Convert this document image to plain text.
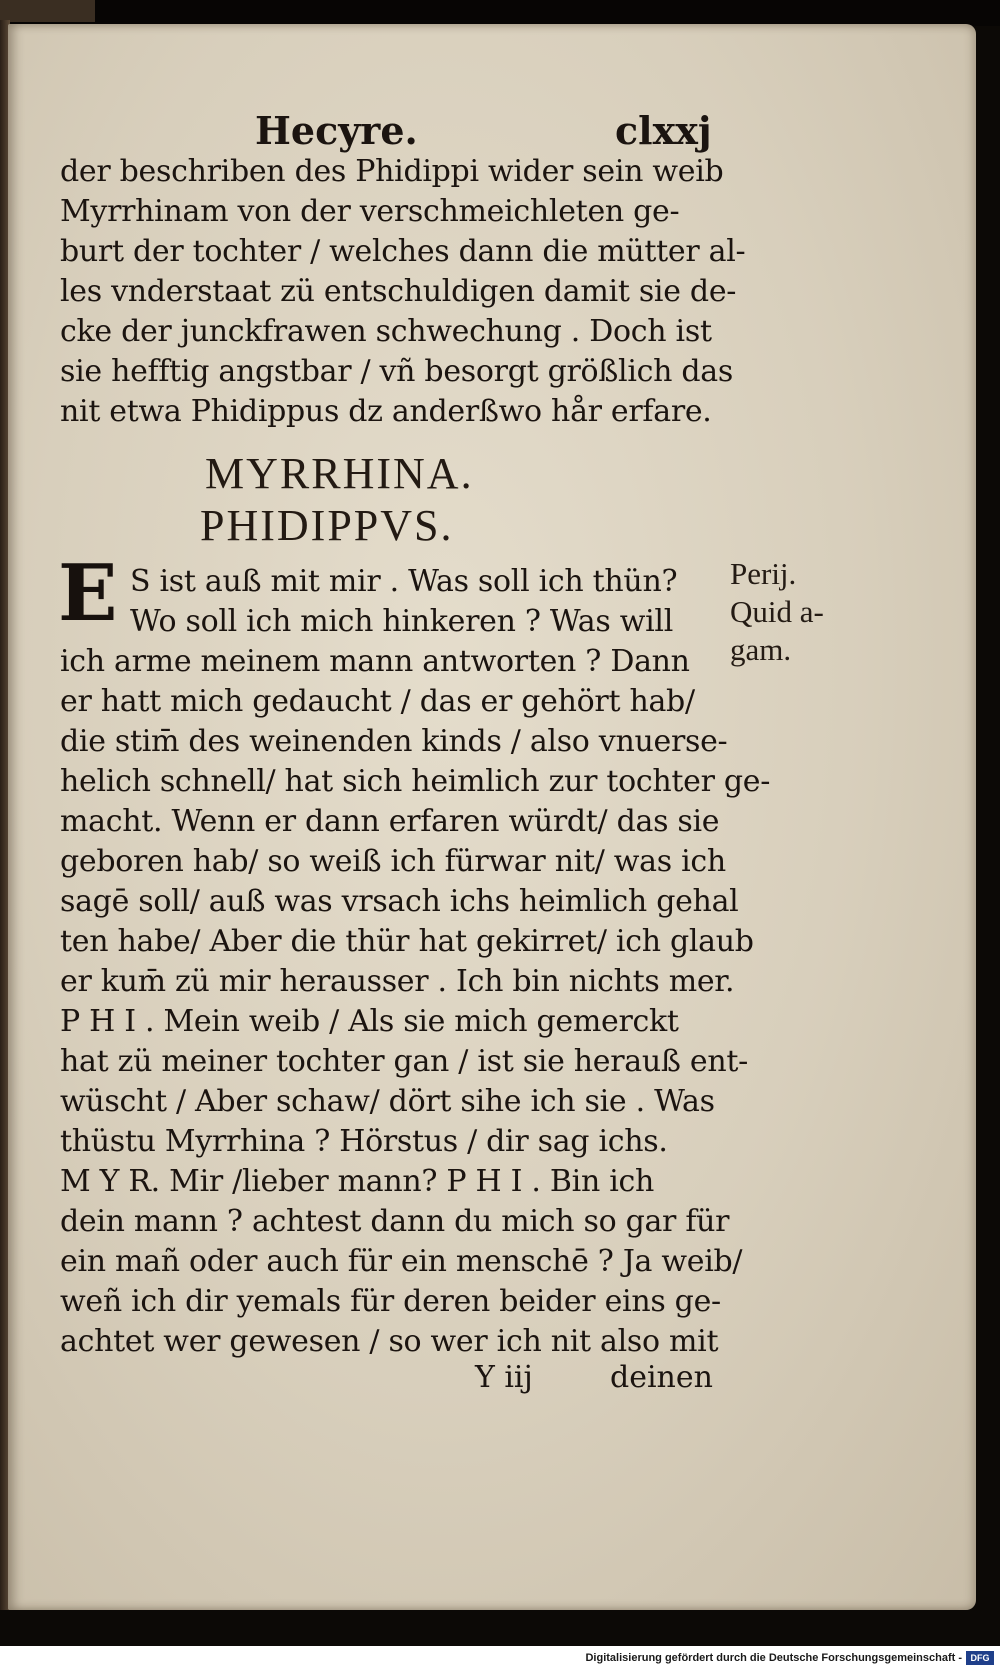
Hecyre.	clxxj
der beschriben des Phidippi wider sein weib
Myrrhinam von der verschmeichleten ge-
burt der tochter / welches dann die mütter al-
les vnderstaat zü entschuldigen damit sie de-
cke der junckfrawen schwechung . Doch ist
sie hefftig angstbar / vñ besorgt größlich das
nit etwa Phidippus dz anderßwo hår erfare.
MYRRHINA.
PHIDIPPVS.
E S ist auß mit mir . Was soll ich thün?
Wo soll ich mich hinkeren ? Was will
ich arme meinem mann antworten ? Dann
er hatt mich gedaucht / das er gehört hab/
die stim̄ des weinenden kinds / also vnuerse-
helich schnell/ hat sich heimlich zur tochter ge-
macht. Wenn er dann erfaren würdt/ das sie
geboren hab/ so weiß ich fürwar nit/ was ich
sagē soll/ auß was vrsach ichs heimlich gehal
ten habe/ Aber die thür hat gekirret/ ich glaub
er kum̄ zü mir herausser . Ich bin nichts mer.
P H I . Mein weib / Als sie mich gemerckt
hat zü meiner tochter gan / ist sie herauß ent-
wüscht / Aber schaw/ dört sihe ich sie . Was
thüstu Myrrhina ? Hörstus / dir sag ichs.
M Y R. Mir /lieber mann? P H I . Bin ich
dein mann ? achtest dann du mich so gar für
ein mañ oder auch für ein menschē ? Ja weib/
weñ ich dir yemals für deren beider eins ge-
achtet wer gewesen / so wer ich nit also mit
Perij.
Quid a-
gam.
Y iij	deinen
Digitalisierung gefördert durch die Deutsche Forschungsgemeinschaft - DFG
